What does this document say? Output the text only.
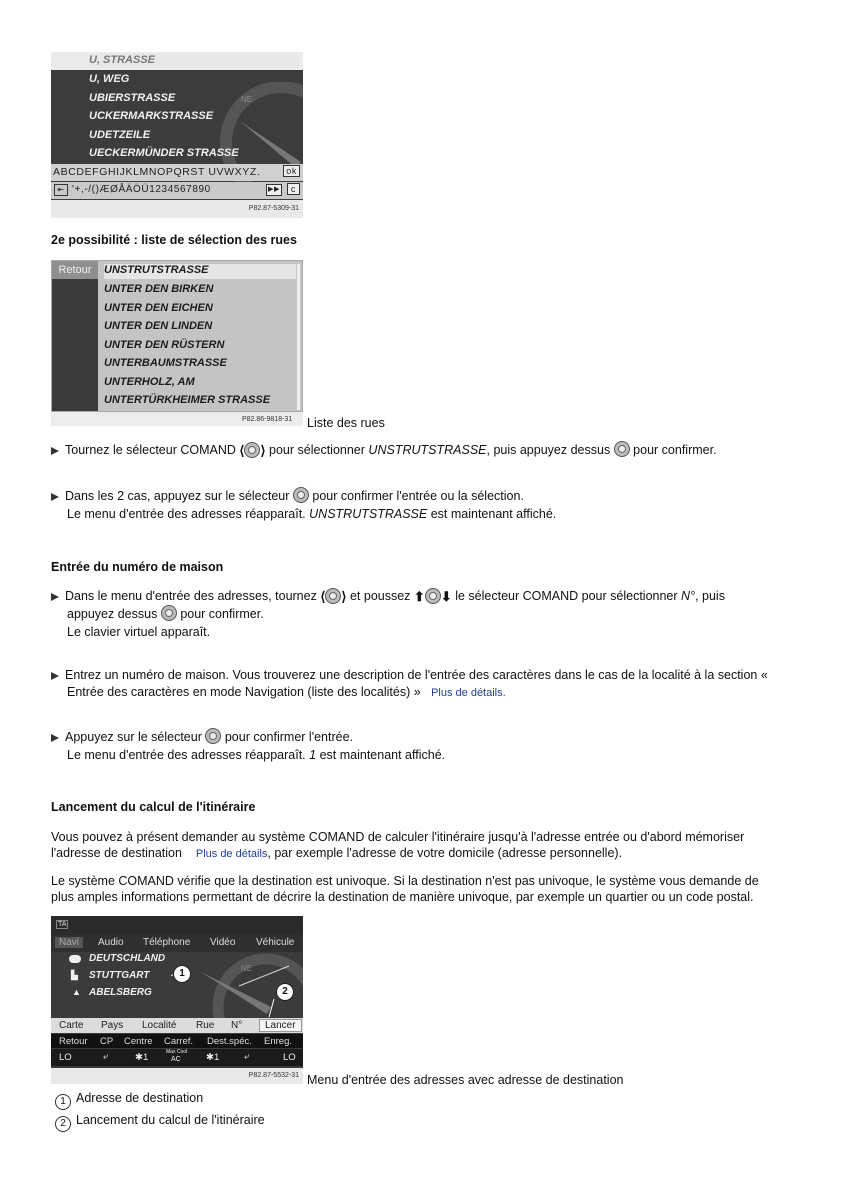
NE
U, STRASSE
U, WEG
UBIERSTRASSE
UCKERMARKSTRASSE
UDETZEILE
UECKERMÜNDER STRASSE
ABCDEFGHIJKLMNOPQRST UVWXYZ.	ok
⇤ '+,-/()ÆØÅÄÖÜ1234567890	▶▶	c
P82.87-5309-31
2e possibilité : liste de sélection des rues
Retour	UNSTRUTSTRASSE
UNTER DEN BIRKEN
UNTER DEN EICHEN
UNTER DEN LINDEN
UNTER DEN RÜSTERN
UNTERBAUMSTRASSE
UNTERHOLZ, AM
UNTERTÜRKHEIMER STRASSE
P82.86-9818-31 Liste des rues
Tournez le sélecteur COMAND ⟨ ⟩ pour sélectionner UNSTRUTSTRASSE, puis appuyez dessus pour confirmer.
Dans les 2 cas, appuyez sur le sélecteur pour confirmer l'entrée ou la sélection.
Le menu d'entrée des adresses réapparaît. UNSTRUTSTRASSE est maintenant affiché.
Entrée du numéro de maison
Dans le menu d'entrée des adresses, tournez ⟨ ⟩ et poussez ⬆ ⬇ le sélecteur COMAND pour sélectionner N°, puis
appuyez dessus pour confirmer.
Le clavier virtuel apparaît.
Entrez un numéro de maison. Vous trouverez une description de l'entrée des caractères dans le cas de la localité à la section «
Entrée des caractères en mode Navigation (liste des localités) » Plus de détails.
Appuyez sur le sélecteur pour confirmer l'entrée.
Le menu d'entrée des adresses réapparaît. 1 est maintenant affiché.
Lancement du calcul de l'itinéraire
Vous pouvez à présent demander au système COMAND de calculer l'itinéraire jusqu'à l'adresse entrée ou d'abord mémoriser
l'adresse de destination Plus de détails, par exemple l'adresse de votre domicile (adresse personnelle).
Le système COMAND vérifie que la destination est univoque. Si la destination n'est pas univoque, le système vous demande de
plus amples informations permettant de décrire la destination de manière univoque, par exemple un quartier ou un code postal.
TA
Navi	Audio Téléphone Vidéo Véhicule
NE
DEUTSCHLAND
▙ STUTTGART
▲ ABELSBERG
1
2
Carte Pays Localité Rue N°	Lancer
Retour CP Centre Carref. Dest.spéc. Enreg.
LO	⤶	✱1	Max Cool
AC	✱1	⤶	LO
P82.87-5532-31 Menu d'entrée des adresses avec adresse de destination
1 Adresse de destination
2 Lancement du calcul de l'itinéraire
